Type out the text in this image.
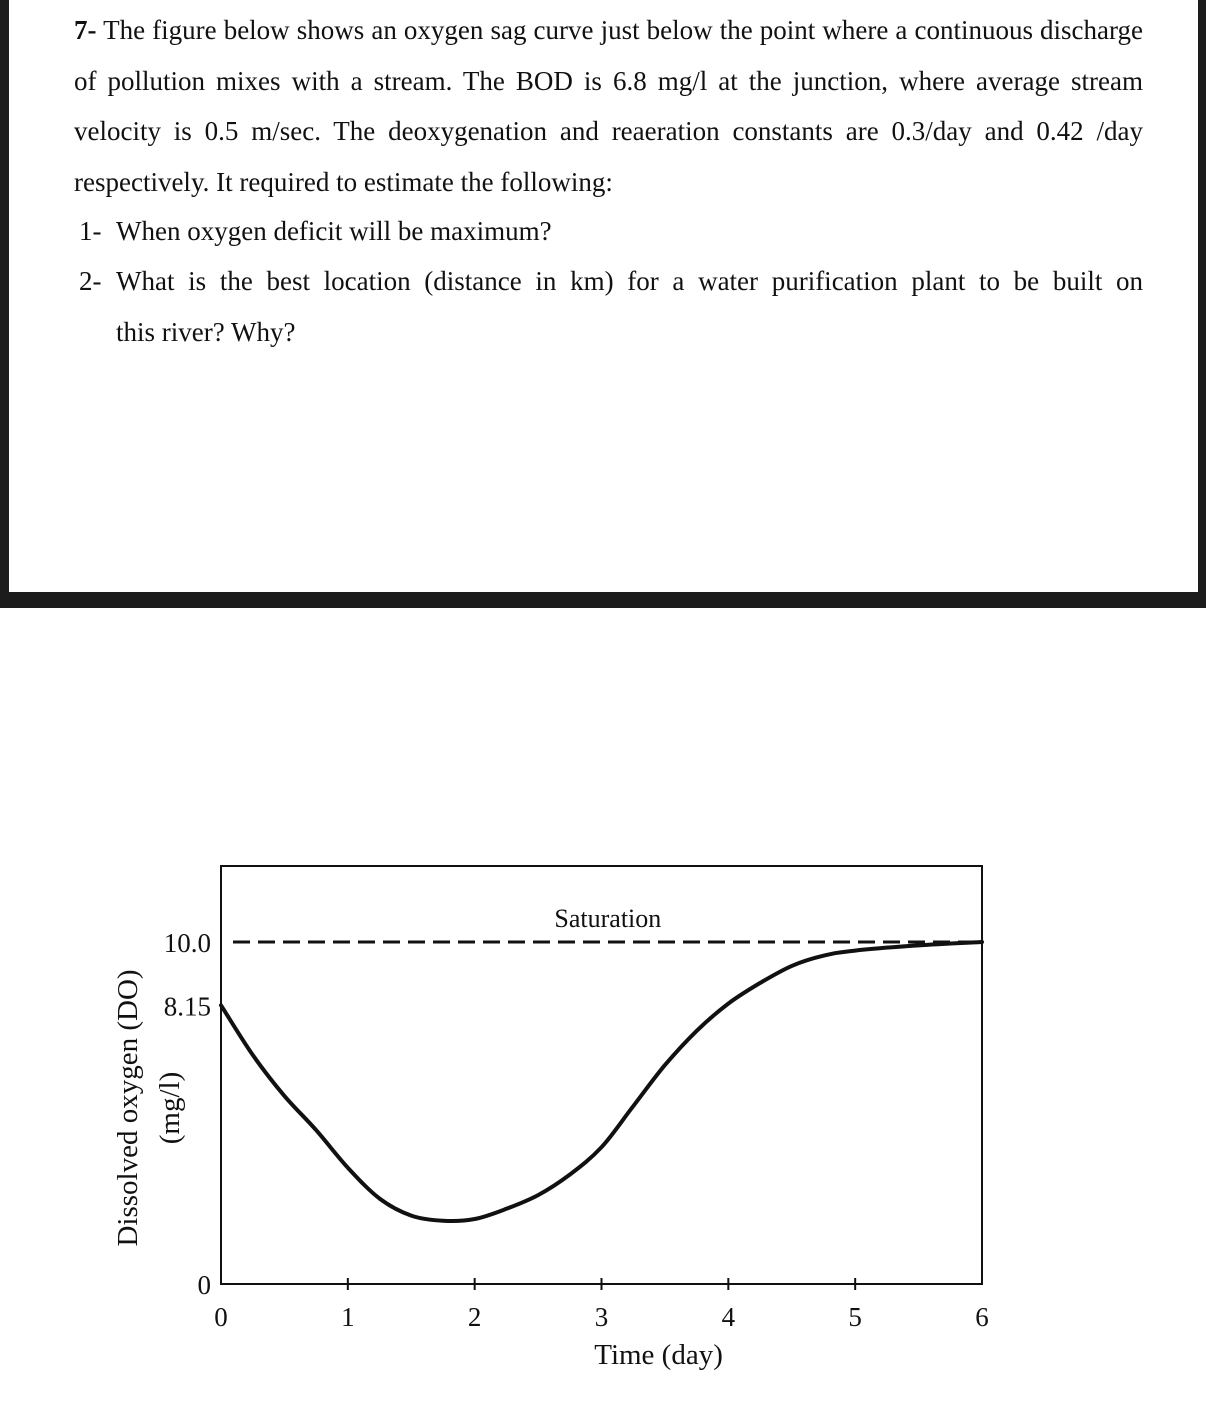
7- The figure below shows an oxygen sag curve just below the point where a continuous discharge of pollution mixes with a stream. The BOD is 6.8 mg/l at the junction, where average stream velocity is 0.5 m/sec. The deoxygenation and reaeration constants are 0.3/day and 0.42 /day respectively. It required to estimate the following:

1- When oxygen deficit will be maximum?

2- What is the best location (distance in km) for a water purification plant to be built on
this river? Why?
Saturation
0	1	2	3	4	5	6
0
8.15
10.0
Time (day)
Dissolved oxygen (DO) (mg/l)
